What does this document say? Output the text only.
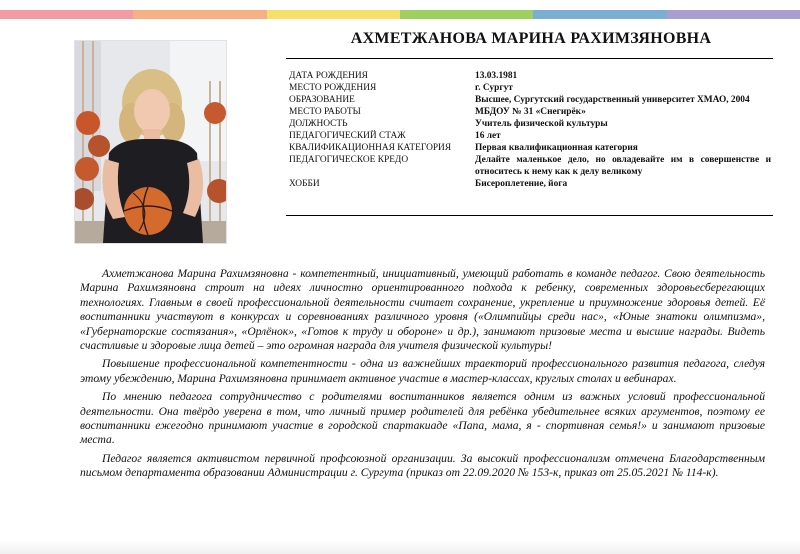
АХМЕТЖАНОВА МАРИНА РАХИМЗЯНОВНА
ДАТА РОЖДЕНИЯ	13.03.1981
МЕСТО РОЖДЕНИЯ	г. Сургут
ОБРАЗОВАНИЕ	Высшее, Сургутский государственный университет ХМАО, 2004
МЕСТО РАБОТЫ	МБДОУ № 31 «Снегирёк»
ДОЛЖНОСТЬ	Учитель физической культуры
ПЕДАГОГИЧЕСКИЙ СТАЖ	16 лет
КВАЛИФИКАЦИОННАЯ КАТЕГОРИЯ	Первая квалификационная категория
ПЕДАГОГИЧЕСКОЕ КРЕДО	Делайте маленькое дело, но овладевайте им в совершенстве и относитесь к нему как к делу великому
ХОББИ	Бисероплетение, йога

Ахметжанова Марина Рахимзяновна - компетентный, инициативный, умеющий работать в команде педагог. Свою деятельность Марина Рахимзяновна строит на идеях личностно ориентированного подхода к ребенку, современных здоровьесберегающих технологиях. Главным в своей профессиональной деятельности считает сохранение, укрепление и приумножение здоровья детей. Её воспитанники участвуют в конкурсах и соревнованиях различного уровня («Олимпийцы среди нас», «Юные знатоки олимпизма», «Губернаторские состязания», «Орлёнок», «Готов к труду и обороне» и др.), занимают призовые места и высшие награды. Видеть счастливые и здоровые лица детей – это огромная награда для учителя физической культуры!

Повышение профессиональной компетентности - одна из важнейших траекторий профессионального развития педагога, следуя этому убеждению, Марина Рахимзяновна принимает активное участие в мастер-классах, круглых столах и вебинарах.

По мнению педагога сотрудничество с родителями воспитанников является одним из важных условий профессиональной деятельности. Она твёрдо уверена в том, что личный пример родителей для ребёнка убедительнее всяких аргументов, поэтому ее воспитанники ежегодно принимают участие в городской спартакиаде «Папа, мама, я - спортивная семья!» и занимают призовые места.

Педагог является активистом первичной профсоюзной организации. За высокий профессионализм отмечена Благодарственным письмом департамента образовании Администрации г. Сургута (приказ от 22.09.2020 № 153-к, приказ от 25.05.2021 № 114-к).
